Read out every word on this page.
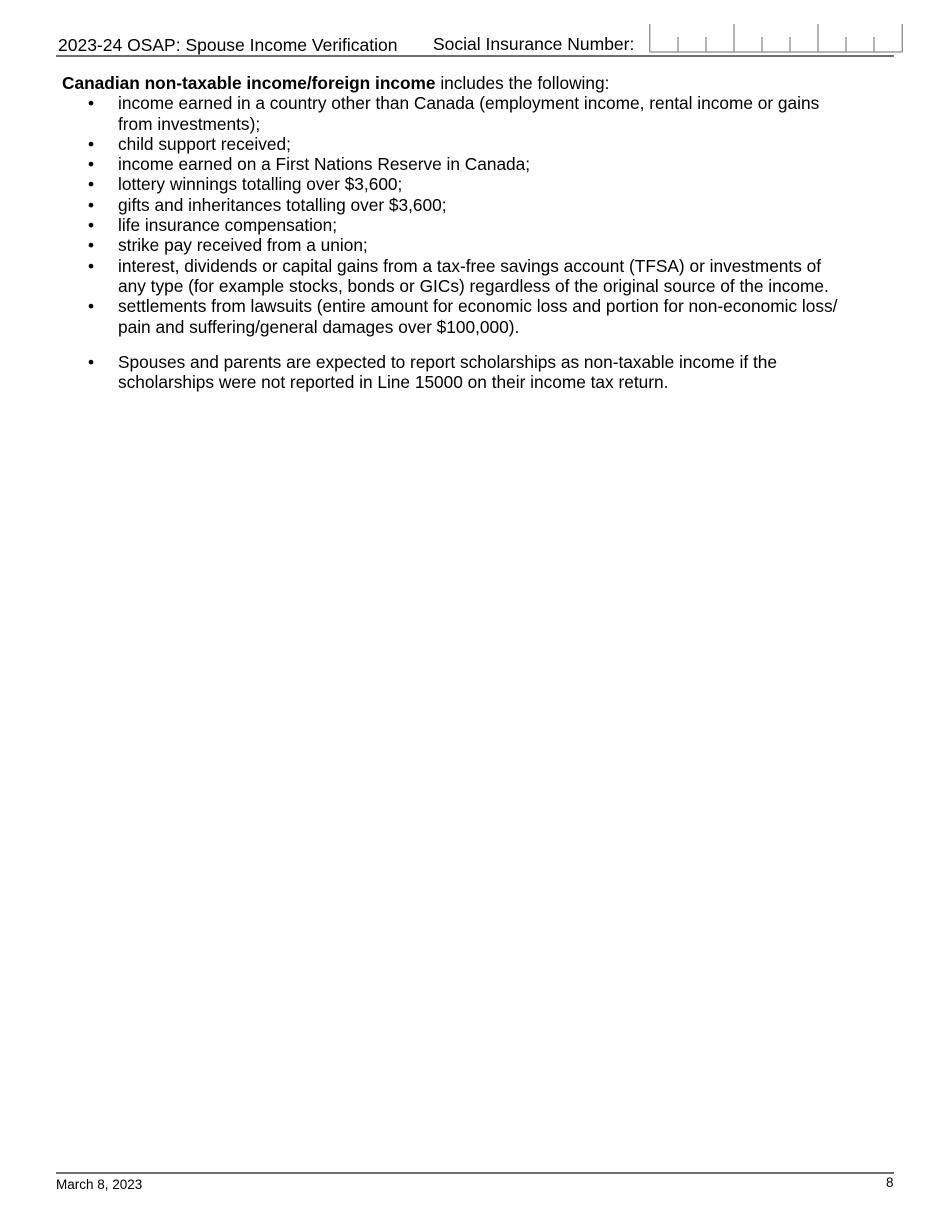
2023-24 OSAP: Spouse Income Verification Social Insurance Number:

Canadian non-taxable income/foreign income includes the following:

• income earned in a country other than Canada (employment income, rental income or gains
from investments);
• child support received;
• income earned on a First Nations Reserve in Canada;
• lottery winnings totalling over $3,600;
• gifts and inheritances totalling over $3,600;
• life insurance compensation;
• strike pay received from a union;
• interest, dividends or capital gains from a tax-free savings account (TFSA) or investments of
any type (for example stocks, bonds or GICs) regardless of the original source of the income.
• settlements from lawsuits (entire amount for economic loss and portion for non-economic loss/
pain and suffering/general damages over $100,000).
• Spouses and parents are expected to report scholarships as non-taxable income if the
scholarships were not reported in Line 15000 on their income tax return.
March 8, 2023	8
